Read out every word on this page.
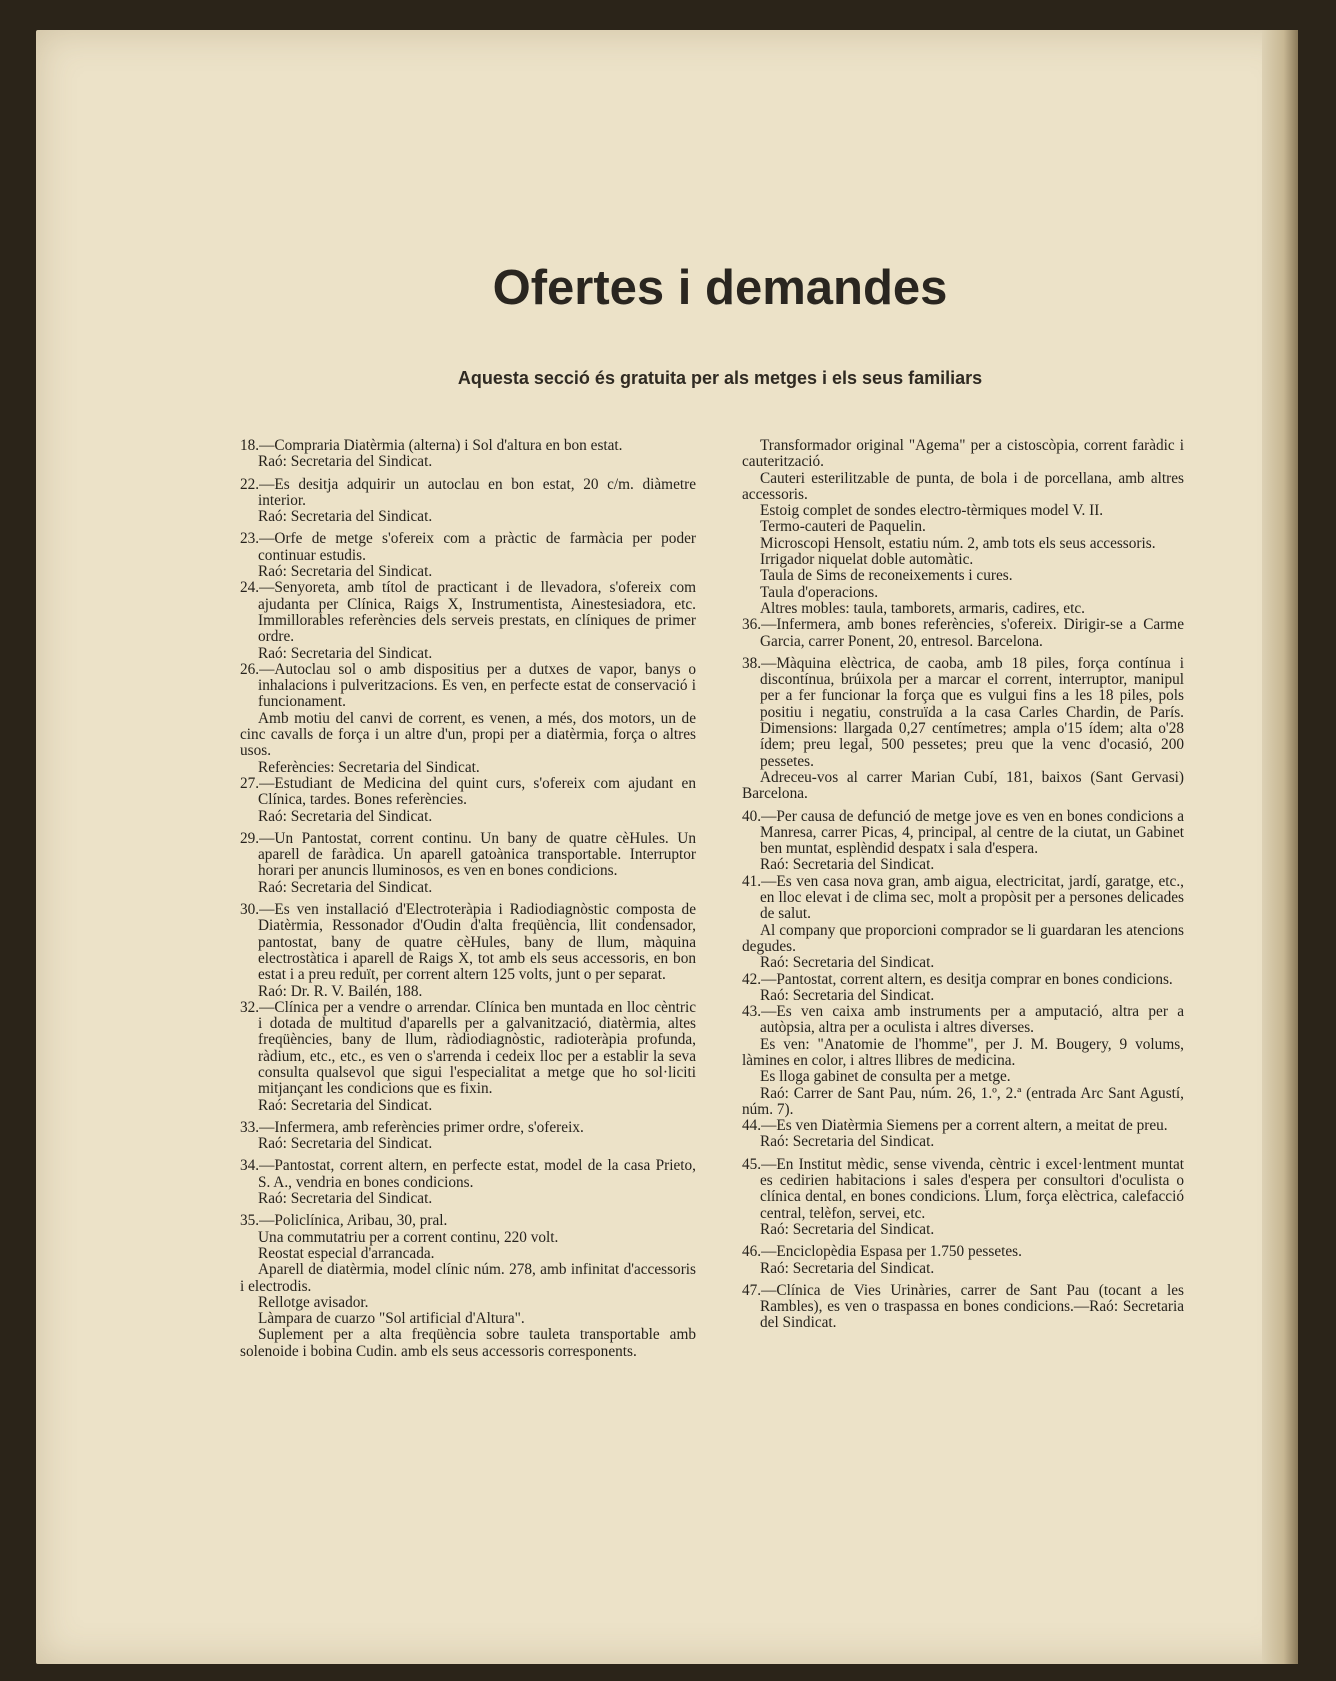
Ofertes i demandes
Aquesta secció és gratuita per als metges i els seus familiars

18.—Compraria Diatèrmia (alterna) i Sol d'altura en bon estat.

Raó: Secretaria del Sindicat.

22.—Es desitja adquirir un autoclau en bon estat, 20 c/m. diàmetre interior.

Raó: Secretaria del Sindicat.

23.—Orfe de metge s'ofereix com a pràctic de farmàcia per poder continuar estudis.

Raó: Secretaria del Sindicat.

24.—Senyoreta, amb títol de practicant i de llevadora, s'ofereix com ajudanta per Clínica, Raigs X, Instrumentista, Ainestesiadora, etc. Immillorables referències dels serveis prestats, en clíniques de primer ordre.

Raó: Secretaria del Sindicat.

26.—Autoclau sol o amb dispositius per a dutxes de vapor, banys o inhalacions i pulveritzacions. Es ven, en perfecte estat de conservació i funcionament.

Amb motiu del canvi de corrent, es venen, a més, dos motors, un de cinc cavalls de força i un altre d'un, propi per a diatèrmia, força o altres usos.

Referències: Secretaria del Sindicat.

27.—Estudiant de Medicina del quint curs, s'ofereix com ajudant en Clínica, tardes. Bones referències.

Raó: Secretaria del Sindicat.

29.—Un Pantostat, corrent continu. Un bany de quatre cèHules. Un aparell de faràdica. Un aparell gatoànica transportable. Interruptor horari per anuncis lluminosos, es ven en bones condicions.

Raó: Secretaria del Sindicat.

30.—Es ven installació d'Electroteràpia i Radiodiagnòstic composta de Diatèrmia, Ressonador d'Oudin d'alta freqüència, llit condensador, pantostat, bany de quatre cèHules, bany de llum, màquina electrostàtica i aparell de Raigs X, tot amb els seus accessoris, en bon estat i a preu reduït, per corrent altern 125 volts, junt o per separat.

Raó: Dr. R. V. Bailén, 188.

32.—Clínica per a vendre o arrendar. Clínica ben muntada en lloc cèntric i dotada de multitud d'aparells per a galvanització, diatèrmia, altes freqüències, bany de llum, ràdiodiagnòstic, radioteràpia profunda, ràdium, etc., etc., es ven o s'arrenda i cedeix lloc per a establir la seva consulta qualsevol que sigui l'especialitat a metge que ho sol·liciti mitjançant les condicions que es fixin.

Raó: Secretaria del Sindicat.

33.—Infermera, amb referències primer ordre, s'ofereix.

Raó: Secretaria del Sindicat.

34.—Pantostat, corrent altern, en perfecte estat, model de la casa Prieto, S. A., vendria en bones condicions.

Raó: Secretaria del Sindicat.

35.—Policlínica, Aribau, 30, pral.

Una commutatriu per a corrent continu, 220 volt.

Reostat especial d'arrancada.

Aparell de diatèrmia, model clínic núm. 278, amb infinitat d'accessoris i electrodis.

Rellotge avisador.

Làmpara de cuarzo "Sol artificial d'Altura".

Suplement per a alta freqüència sobre tauleta transportable amb solenoide i bobina Cudin. amb els seus accessoris corresponents.

Transformador original "Agema" per a cistoscòpia, corrent faràdic i cauterització.

Cauteri esterilitzable de punta, de bola i de porcellana, amb altres accessoris.

Estoig complet de sondes electro-tèrmiques model V. II.

Termo-cauteri de Paquelin.

Microscopi Hensolt, estatiu núm. 2, amb tots els seus accessoris.

Irrigador niquelat doble automàtic.

Taula de Sims de reconeixements i cures.

Taula d'operacions.

Altres mobles: taula, tamborets, armaris, cadires, etc.

36.—Infermera, amb bones referències, s'ofereix. Dirigir-se a Carme Garcia, carrer Ponent, 20, entresol. Barcelona.

38.—Màquina elèctrica, de caoba, amb 18 piles, força contínua i discontínua, brúixola per a marcar el corrent, interruptor, manipul per a fer funcionar la força que es vulgui fins a les 18 piles, pols positiu i negatiu, construïda a la casa Carles Chardin, de París. Dimensions: llargada 0,27 centímetres; ampla o'15 ídem; alta o'28 ídem; preu legal, 500 pessetes; preu que la venc d'ocasió, 200 pessetes.

Adreceu-vos al carrer Marian Cubí, 181, baixos (Sant Gervasi) Barcelona.

40.—Per causa de defunció de metge jove es ven en bones condicions a Manresa, carrer Picas, 4, principal, al centre de la ciutat, un Gabinet ben muntat, esplèndid despatx i sala d'espera.

Raó: Secretaria del Sindicat.

41.—Es ven casa nova gran, amb aigua, electricitat, jardí, garatge, etc., en lloc elevat i de clima sec, molt a propòsit per a persones delicades de salut.

Al company que proporcioni comprador se li guardaran les atencions degudes.

Raó: Secretaria del Sindicat.

42.—Pantostat, corrent altern, es desitja comprar en bones condicions.

Raó: Secretaria del Sindicat.

43.—Es ven caixa amb instruments per a amputació, altra per a autòpsia, altra per a oculista i altres diverses.

Es ven: "Anatomie de l'homme", per J. M. Bougery, 9 volums, làmines en color, i altres llibres de medicina.

Es lloga gabinet de consulta per a metge.

Raó: Carrer de Sant Pau, núm. 26, 1.º, 2.ª (entrada Arc Sant Agustí, núm. 7).

44.—Es ven Diatèrmia Siemens per a corrent altern, a meitat de preu.

Raó: Secretaria del Sindicat.

45.—En Institut mèdic, sense vivenda, cèntric i excel·lentment muntat es cedirien habitacions i sales d'espera per consultori d'oculista o clínica dental, en bones condicions. Llum, força elèctrica, calefacció central, telèfon, servei, etc.

Raó: Secretaria del Sindicat.

46.—Enciclopèdia Espasa per 1.750 pessetes.

Raó: Secretaria del Sindicat.

47.—Clínica de Vies Urinàries, carrer de Sant Pau (tocant a les Rambles), es ven o traspassa en bones condicions.—Raó: Secretaria del Sindicat.
